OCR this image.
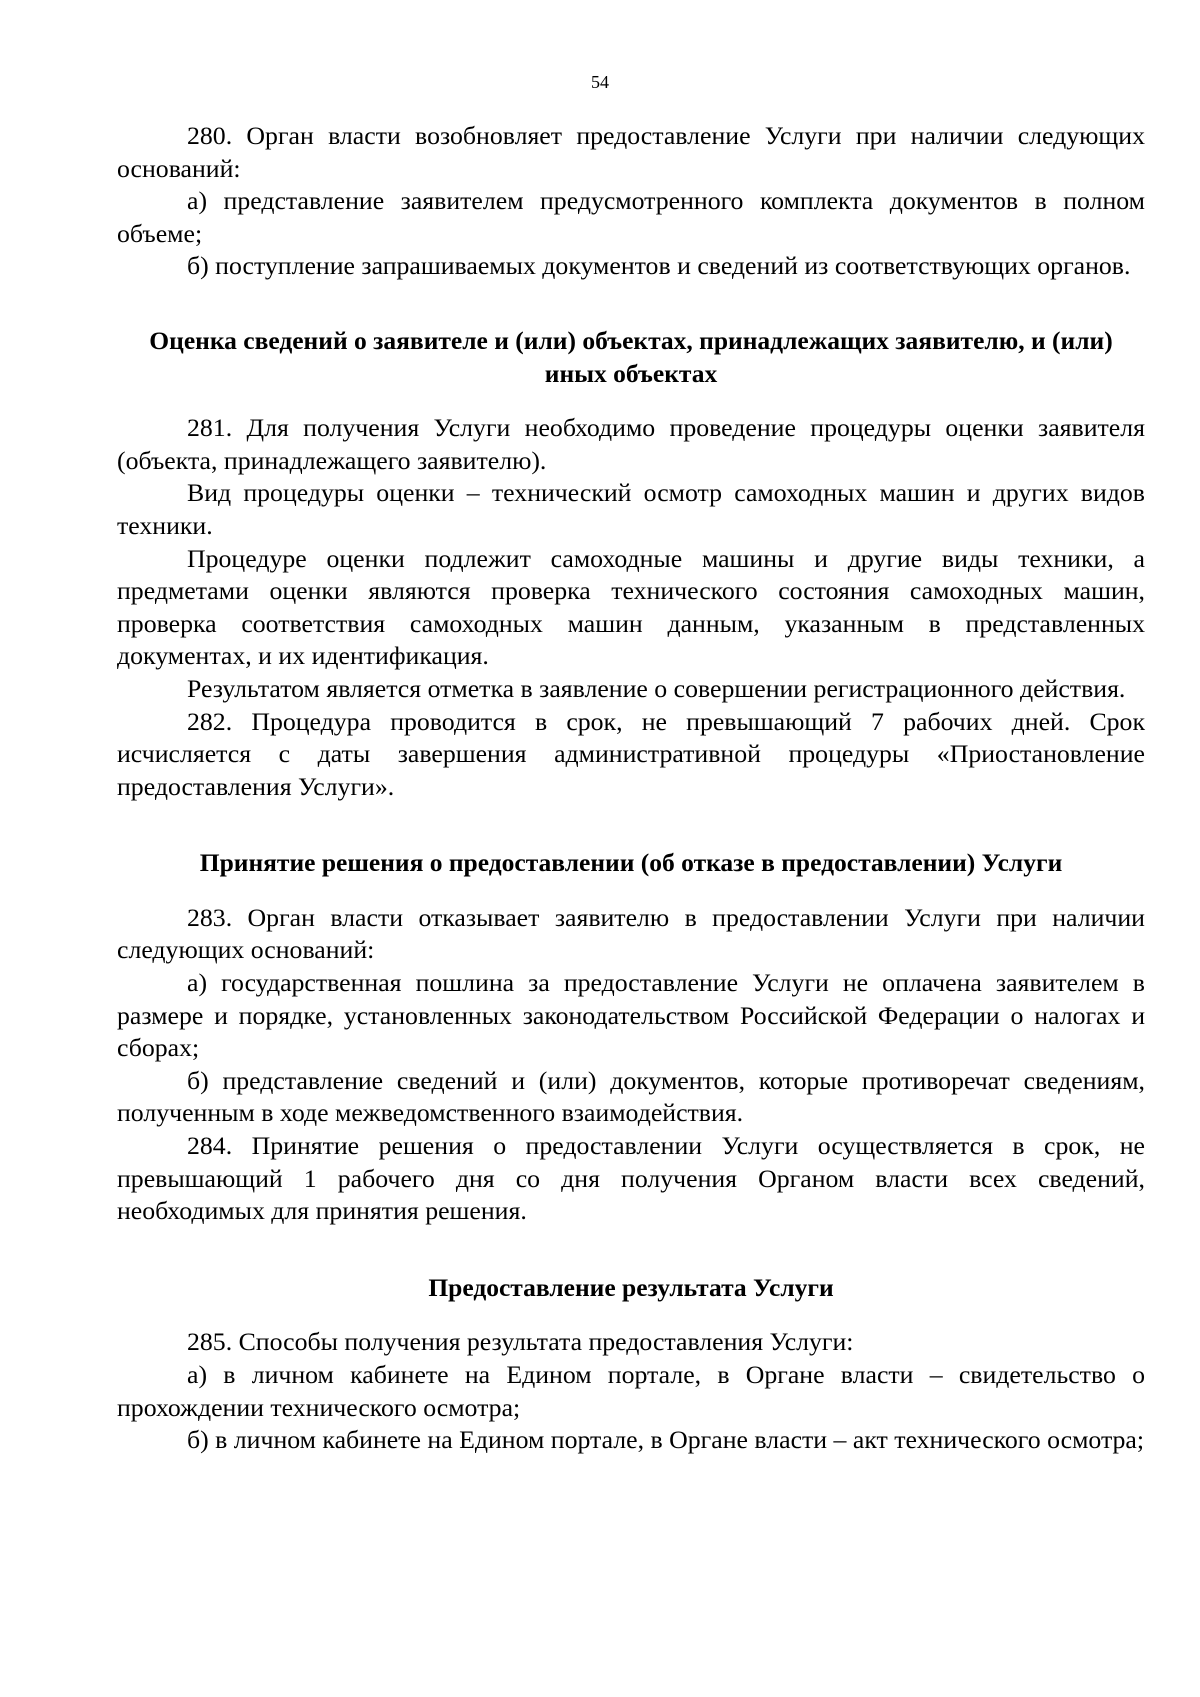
54

280. Орган власти возобновляет предоставление Услуги при наличии следующих оснований:

а) представление заявителем предусмотренного комплекта документов в полном объеме;

б) поступление запрашиваемых документов и сведений из соответствующих органов.

Оценка сведений о заявителе и (или) объектах, принадлежащих заявителю, и (или) иных объектах

281. Для получения Услуги необходимо проведение процедуры оценки заявителя (объекта, принадлежащего заявителю).

Вид процедуры оценки – технический осмотр самоходных машин и других видов техники.

Процедуре оценки подлежит самоходные машины и другие виды техники, а предметами оценки являются проверка технического состояния самоходных машин, проверка соответствия самоходных машин данным, указанным в представленных документах, и их идентификация.

Результатом является отметка в заявление о совершении регистрационного действия.

282. Процедура проводится в срок, не превышающий 7 рабочих дней. Срок исчисляется с даты завершения административной процедуры «Приостановление предоставления Услуги».

Принятие решения о предоставлении (об отказе в предоставлении) Услуги

283. Орган власти отказывает заявителю в предоставлении Услуги при наличии следующих оснований:

а) государственная пошлина за предоставление Услуги не оплачена заявителем в размере и порядке, установленных законодательством Российской Федерации о налогах и сборах;

б) представление сведений и (или) документов, которые противоречат сведениям, полученным в ходе межведомственного взаимодействия.

284. Принятие решения о предоставлении Услуги осуществляется в срок, не превышающий 1 рабочего дня со дня получения Органом власти всех сведений, необходимых для принятия решения.

Предоставление результата Услуги

285. Способы получения результата предоставления Услуги:

а) в личном кабинете на Едином портале, в Органе власти – свидетельство о прохождении технического осмотра;

б) в личном кабинете на Едином портале, в Органе власти – акт технического осмотра;
